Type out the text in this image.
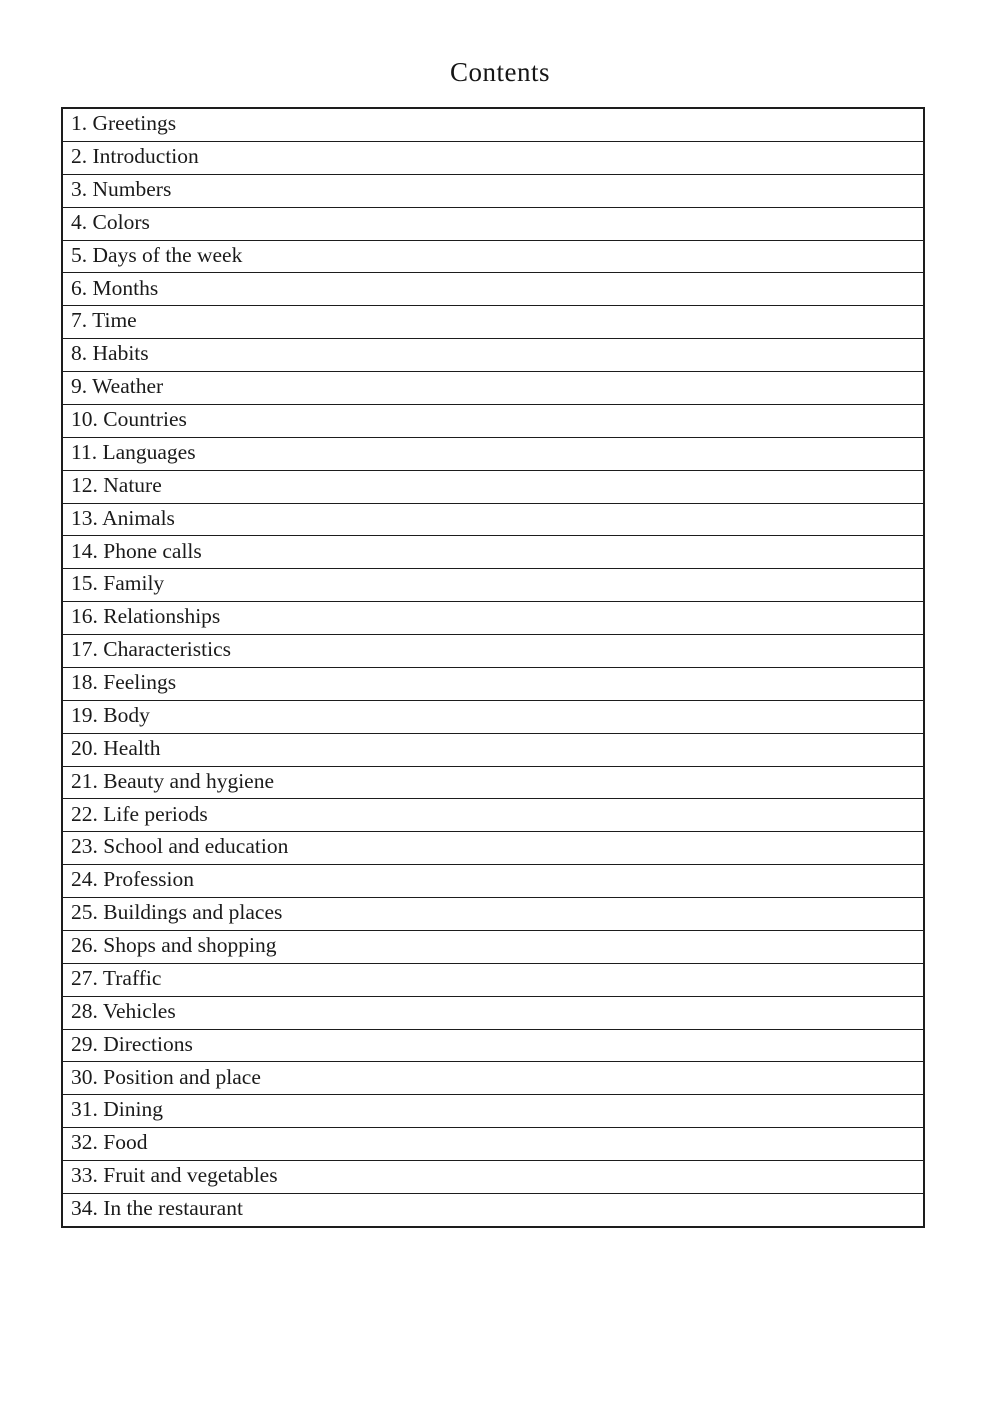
Contents
1. Greetings
2. Introduction
3. Numbers
4. Colors
5. Days of the week
6. Months
7. Time
8. Habits
9. Weather
10. Countries
11. Languages
12. Nature
13. Animals
14. Phone calls
15. Family
16. Relationships
17. Characteristics
18. Feelings
19. Body
20. Health
21. Beauty and hygiene
22. Life periods
23. School and education
24. Profession
25. Buildings and places
26. Shops and shopping
27. Traffic
28. Vehicles
29. Directions
30. Position and place
31. Dining
32. Food
33. Fruit and vegetables
34. In the restaurant
